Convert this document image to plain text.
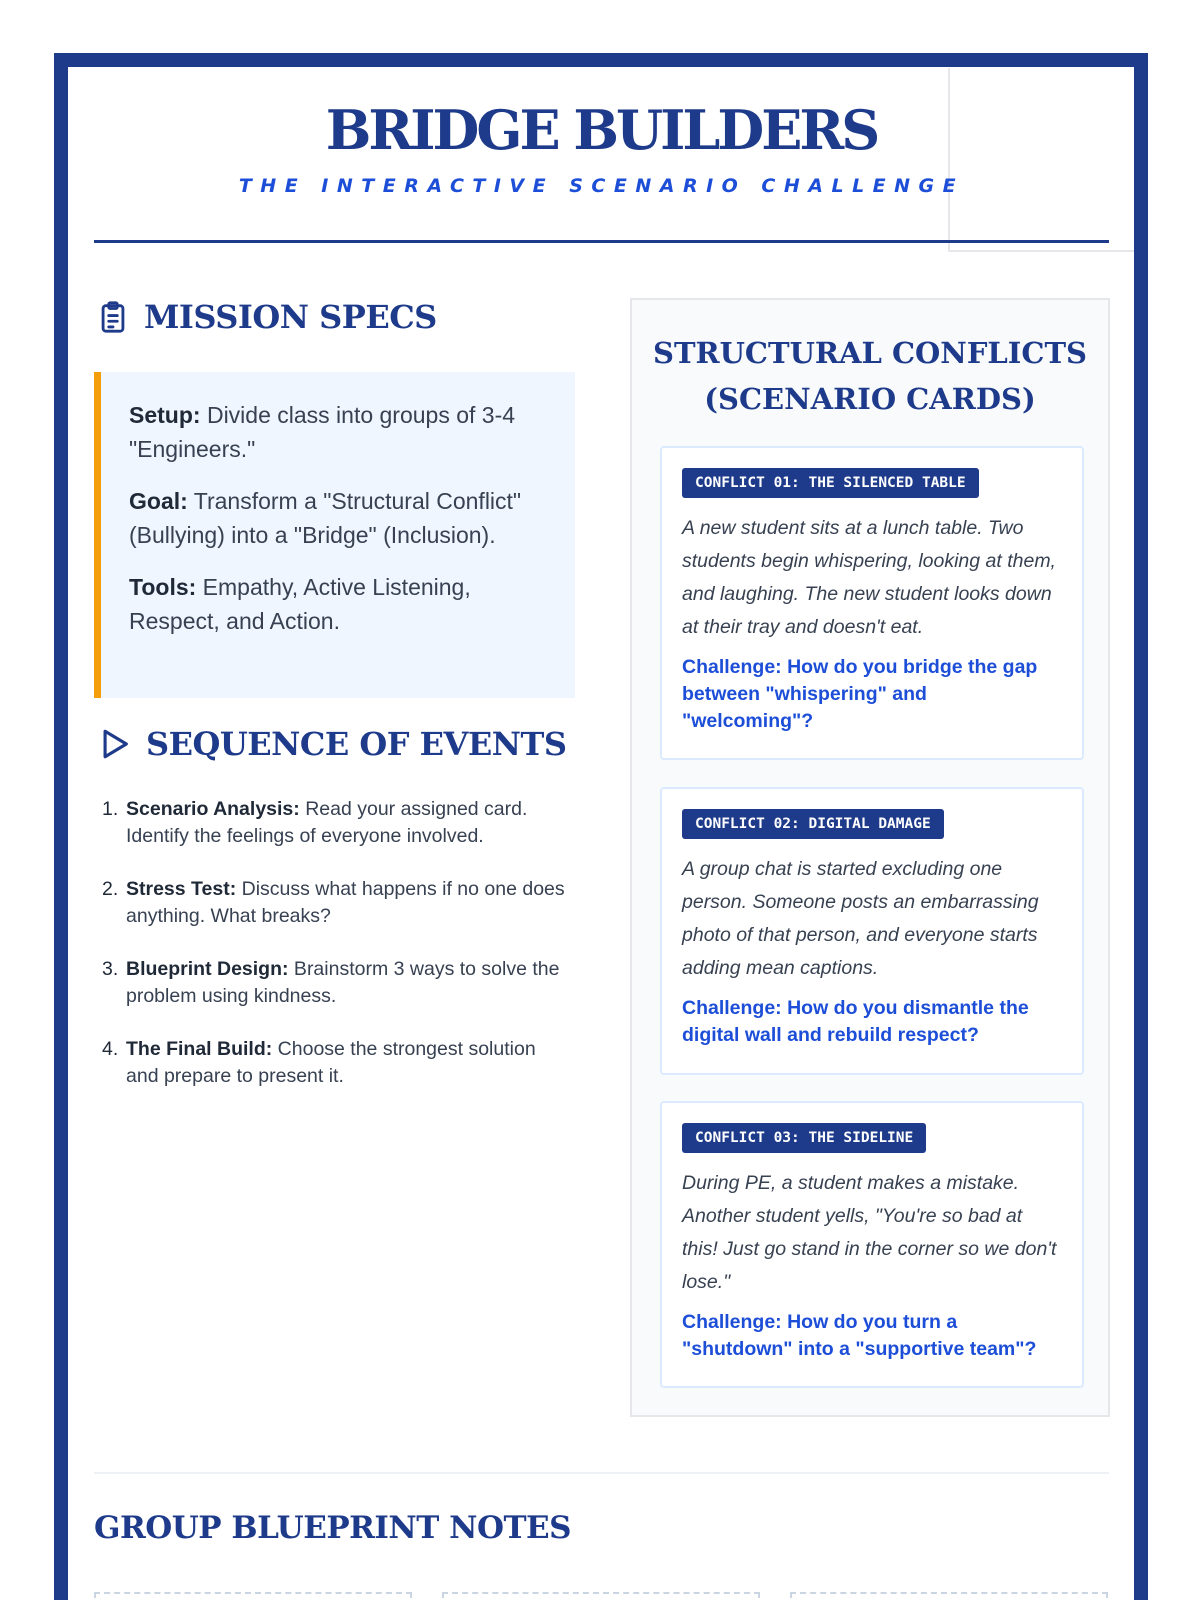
BRIDGE BUILDERS
THE INTERACTIVE SCENARIO CHALLENGE
MISSION SPECS

Setup: Divide class into groups of 3-4 "Engineers."

Goal: Transform a "Structural Conflict" (Bullying) into a "Bridge" (Inclusion).

Tools: Empathy, Active Listening, Respect, and Action.

SEQUENCE OF EVENTS
1. Scenario Analysis: Read your assigned card. Identify the feelings of everyone involved.
2. Stress Test: Discuss what happens if no one does anything. What breaks?
3. Blueprint Design: Brainstorm 3 ways to solve the problem using kindness.
4. The Final Build: Choose the strongest solution and prepare to present it.
STRUCTURAL CONFLICTS
(SCENARIO CARDS)
CONFLICT 01: THE SILENCED TABLE
A new student sits at a lunch table. Two students begin whispering, looking at them, and laughing. The new student looks down at their tray and doesn't eat.
Challenge: How do you bridge the gap between "whispering" and "welcoming"?
CONFLICT 02: DIGITAL DAMAGE
A group chat is started excluding one person. Someone posts an embarrassing photo of that person, and everyone starts adding mean captions.
Challenge: How do you dismantle the digital wall and rebuild respect?
CONFLICT 03: THE SIDELINE
During PE, a student makes a mistake. Another student yells, "You're so bad at this! Just go stand in the corner so we don't lose."
Challenge: How do you turn a "shutdown" into a "supportive team"?
GROUP BLUEPRINT NOTES
